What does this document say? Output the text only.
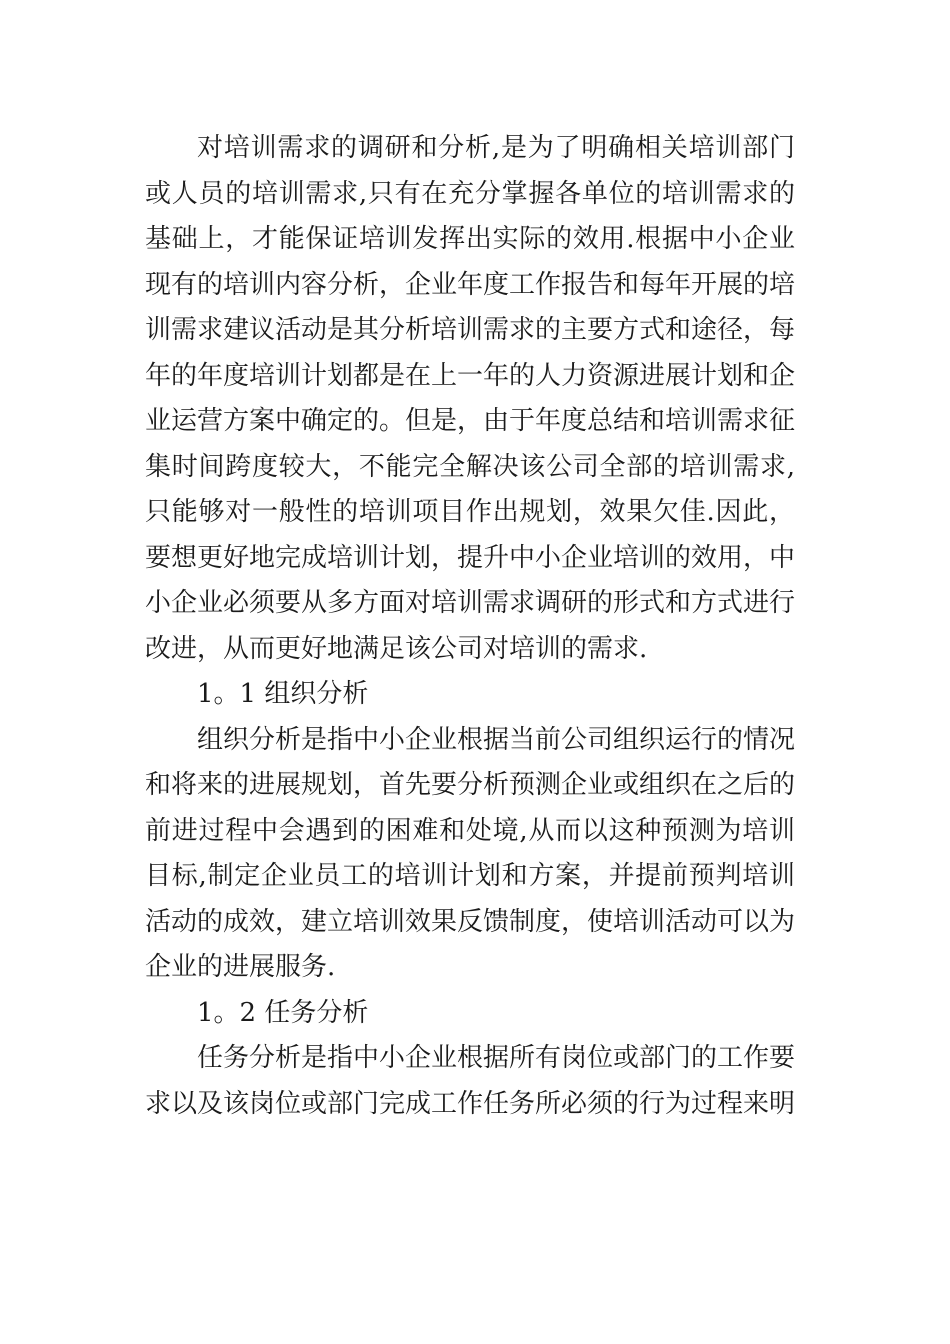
对培训需求的调研和分析,是为了明确相关培训部门或人员的培训需求,只有在充分掌握各单位的培训需求的基础上，才能保证培训发挥出实际的效用.根据中小企业现有的培训内容分析，企业年度工作报告和每年开展的培训需求建议活动是其分析培训需求的主要方式和途径，每年的年度培训计划都是在上一年的人力资源进展计划和企业运营方案中确定的。但是，由于年度总结和培训需求征集时间跨度较大，不能完全解决该公司全部的培训需求,只能够对一般性的培训项目作出规划，效果欠佳.因此，要想更好地完成培训计划，提升中小企业培训的效用，中小企业必须要从多方面对培训需求调研的形式和方式进行改进，从而更好地满足该公司对培训的需求.

1。1 组织分析

组织分析是指中小企业根据当前公司组织运行的情况和将来的进展规划，首先要分析预测企业或组织在之后的前进过程中会遇到的困难和处境,从而以这种预测为培训目标,制定企业员工的培训计划和方案，并提前预判培训活动的成效，建立培训效果反馈制度，使培训活动可以为企业的进展服务.

1。2 任务分析

任务分析是指中小企业根据所有岗位或部门的工作要求以及该岗位或部门完成工作任务所必须的行为过程来明
